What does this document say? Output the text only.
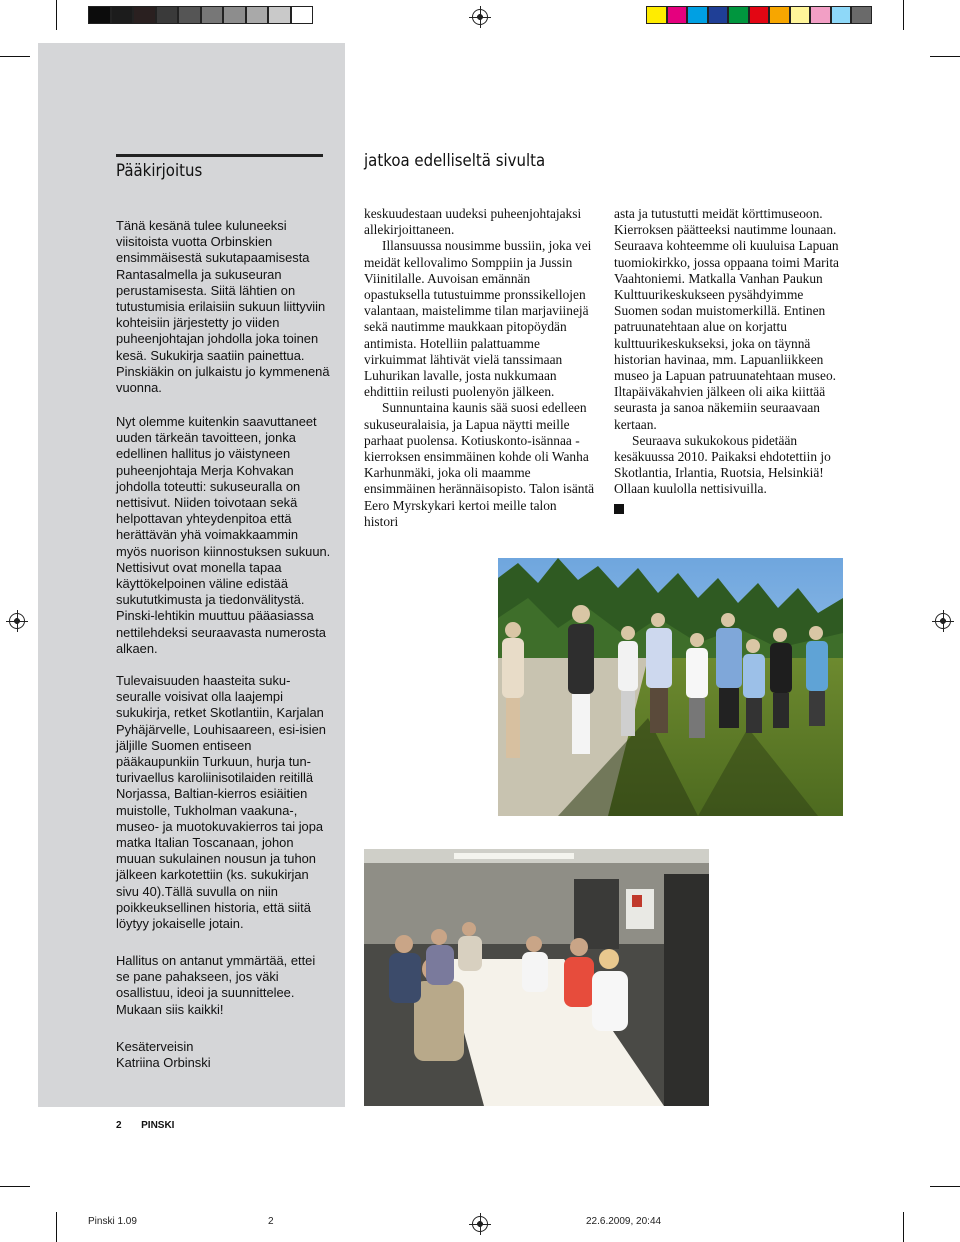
Pääkirjoitus

Tänä kesänä tulee kuluneeksi viisitoista vuotta Orbinskien ensimmäisestä sukutapaamisesta Rantasalmella ja sukuseuran perustamisesta. Siitä lähtien on tutustumisia erilaisiin sukuun liittyviin kohteisiin järjestetty jo viiden puheenjohtajan johdolla joka toinen kesä. Sukukirja saatiin painettua. Pinskiäkin on julkaistu jo kymmenenä vuonna.

Nyt olemme kuitenkin saavuttaneet uuden tärkeän tavoitteen, jonka edellinen hallitus jo väistyneen puheenjohtaja Merja Kohvakan johdolla toteutti: sukuseuralla on nettisivut. Niiden toivotaan sekä helpottavan yhteydenpitoa että herättävän yhä voimakkaammin myös nuorison kiinnostuksen sukuun. Nettisivut ovat monella tapaa käyttökelpoinen väline edistää sukututkimusta ja tiedonvälitystä. Pinski-lehtikin muuttuu pääasiassa nettilehdeksi seuraavasta numerosta alkaen.

Tulevaisuuden haasteita sukuseuralle voisivat olla laajempi sukukirja, retket Skotlantiin, Karjalan Pyhäjärvelle, Louhisaareen, esi-isien jäljille Suomen entiseen pääkaupunkiin Turkuun, hurja tunturivaellus karoliinisotilaiden reitillä Norjassa, Baltian-kierros esiäitien muistolle, Tukholman vaakuna-, museo- ja muotokuvakierros tai jopa matka Italian Toscanaan, johon muuan sukulainen nousun ja tuhon jälkeen karkotettiin (ks. sukukirjan sivu 40).Tällä suvulla on niin poikkeuksellinen historia, että siitä löytyy jokaiselle jotain.

Hallitus on antanut ymmärtää, ettei se pane pahakseen, jos väki osallistuu, ideoi ja suunnittelee. Mukaan siis kaikki!

Kesäterveisin

Katriina Orbinski

jatkoa edelliseltä sivulta

keskuudestaan uudeksi puheenjohtajaksi allekirjoittaneen.

Illansuussa nousimme bussiin, joka vei meidät kellovalimo Somppiin ja Jussin Viinitilalle. Auvoisan emännän opastuksella tutustuimme pronssikellojen valantaan, maistelimme tilan marjaviinejä sekä nautimme maukkaan pitopöydän antimista. Hotelliin palattuamme virkuimmat lähtivät vielä tanssimaan Luhurikan lavalle, josta nukkumaan ehdittiin reilusti puolenyön jälkeen.

Sunnuntaina kaunis sää suosi edelleen sukuseuralaisia, ja Lapua näytti meille parhaat puolensa. Kotiuskonto-isännaa -kierroksen ensimmäinen kohde oli Wanha Karhunmäki, joka oli maamme ensimmäinen herännäisopisto. Talon isäntä Eero Myrskykari kertoi meille talon histori

asta ja tutustutti meidät körttimuseoon. Kierroksen päätteeksi nautimme lounaan. Seuraava kohteemme oli kuuluisa Lapuan tuomiokirkko, jossa oppaana toimi Marita Vaahtoniemi. Matkalla Vanhan Paukun Kulttuurikeskukseen pysähdyimme Suomen sodan muistomerkillä. Entinen patruunatehtaan alue on korjattu kulttuurikeskukseksi, joka on täynnä historian havinaa, mm. Lapuanliikkeen museo ja Lapuan patruunatehtaan museo. Iltapäiväkahvien jälkeen oli aika kiittää seurasta ja sanoa näkemiin seuraavaan kertaan.

Seuraava sukukokous pidetään kesäkuussa 2010. Paikaksi ehdotettiin jo Skotlantia, Irlantia, Ruotsia, Helsinkiä! Ollaan kuulolla nettisivuilla.

2 PINSKI
Pinski 1.09	2	22.6.2009, 20:44
